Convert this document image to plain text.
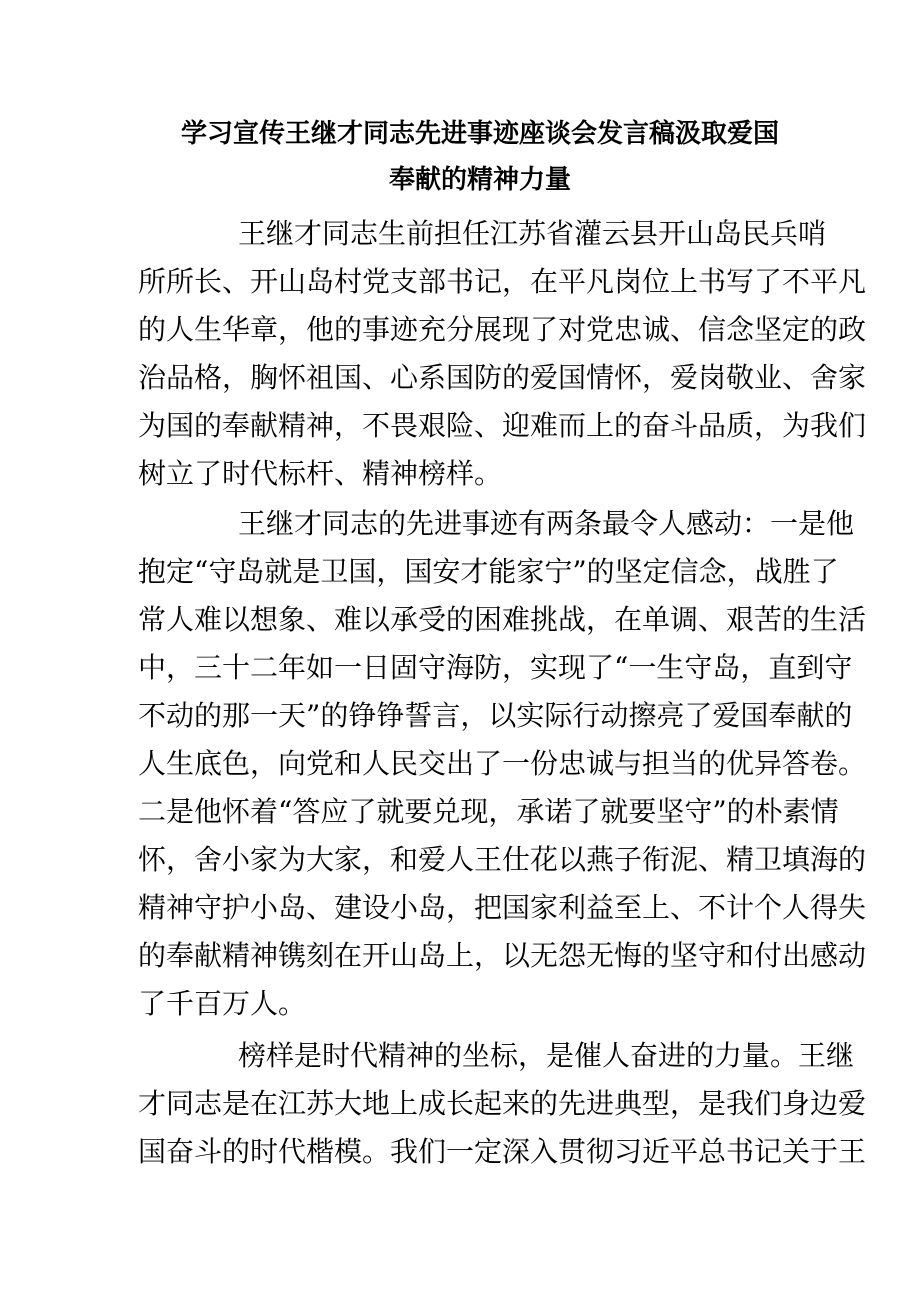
学习宣传王继才同志先进事迹座谈会发言稿汲取爱国
奉献的精神力量
王继才同志生前担任江苏省灌云县开山岛民兵哨
所所长、开山岛村党支部书记，在平凡岗位上书写了不平凡
的人生华章，他的事迹充分展现了对党忠诚、信念坚定的政
治品格，胸怀祖国、心系国防的爱国情怀，爱岗敬业、舍家
为国的奉献精神，不畏艰险、迎难而上的奋斗品质，为我们
树立了时代标杆、精神榜样。
王继才同志的先进事迹有两条最令人感动：一是他
抱定“守岛就是卫国，国安才能家宁”的坚定信念，战胜了
常人难以想象、难以承受的困难挑战，在单调、艰苦的生活
中，三十二年如一日固守海防，实现了“一生守岛，直到守
不动的那一天”的铮铮誓言，以实际行动擦亮了爱国奉献的
人生底色，向党和人民交出了一份忠诚与担当的优异答卷。
二是他怀着“答应了就要兑现，承诺了就要坚守”的朴素情
怀，舍小家为大家，和爱人王仕花以燕子衔泥、精卫填海的
精神守护小岛、建设小岛，把国家利益至上、不计个人得失
的奉献精神镌刻在开山岛上，以无怨无悔的坚守和付出感动
了千百万人。
榜样是时代精神的坐标，是催人奋进的力量。王继
才同志是在江苏大地上成长起来的先进典型，是我们身边爱
国奋斗的时代楷模。我们一定深入贯彻习近平总书记关于王
